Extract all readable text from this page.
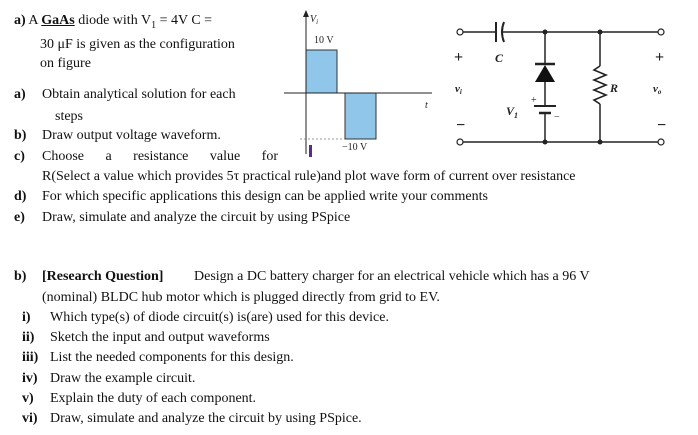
a) A GaAs diode with $V_1 = 4V$ C =
30 μF is given as the configuration
on figure
a) Obtain analytical solution for each
steps
b) Draw output voltage waveform.
c) Choose a resistance value for
R(Select a value which provides 5τ practical rule)and plot wave form of current over resistance
d) For which specific applications this design can be applied write your comments
e) Draw, simulate and analyze the circuit by using PSpice
$V_i$
10 V
−10 V
t
+
−
vi
C
$V_1$
+
−
R
+
−
vo
b) [Research Question] Design a DC battery charger for an electrical vehicle which has a 96 V
(nominal) BLDC hub motor which is plugged directly from grid to EV.
i) Which type(s) of diode circuit(s) is(are) used for this device.
ii) Sketch the input and output waveforms
iii) List the needed components for this design.
iv) Draw the example circuit.
v) Explain the duty of each component.
vi) Draw, simulate and analyze the circuit by using PSpice.
